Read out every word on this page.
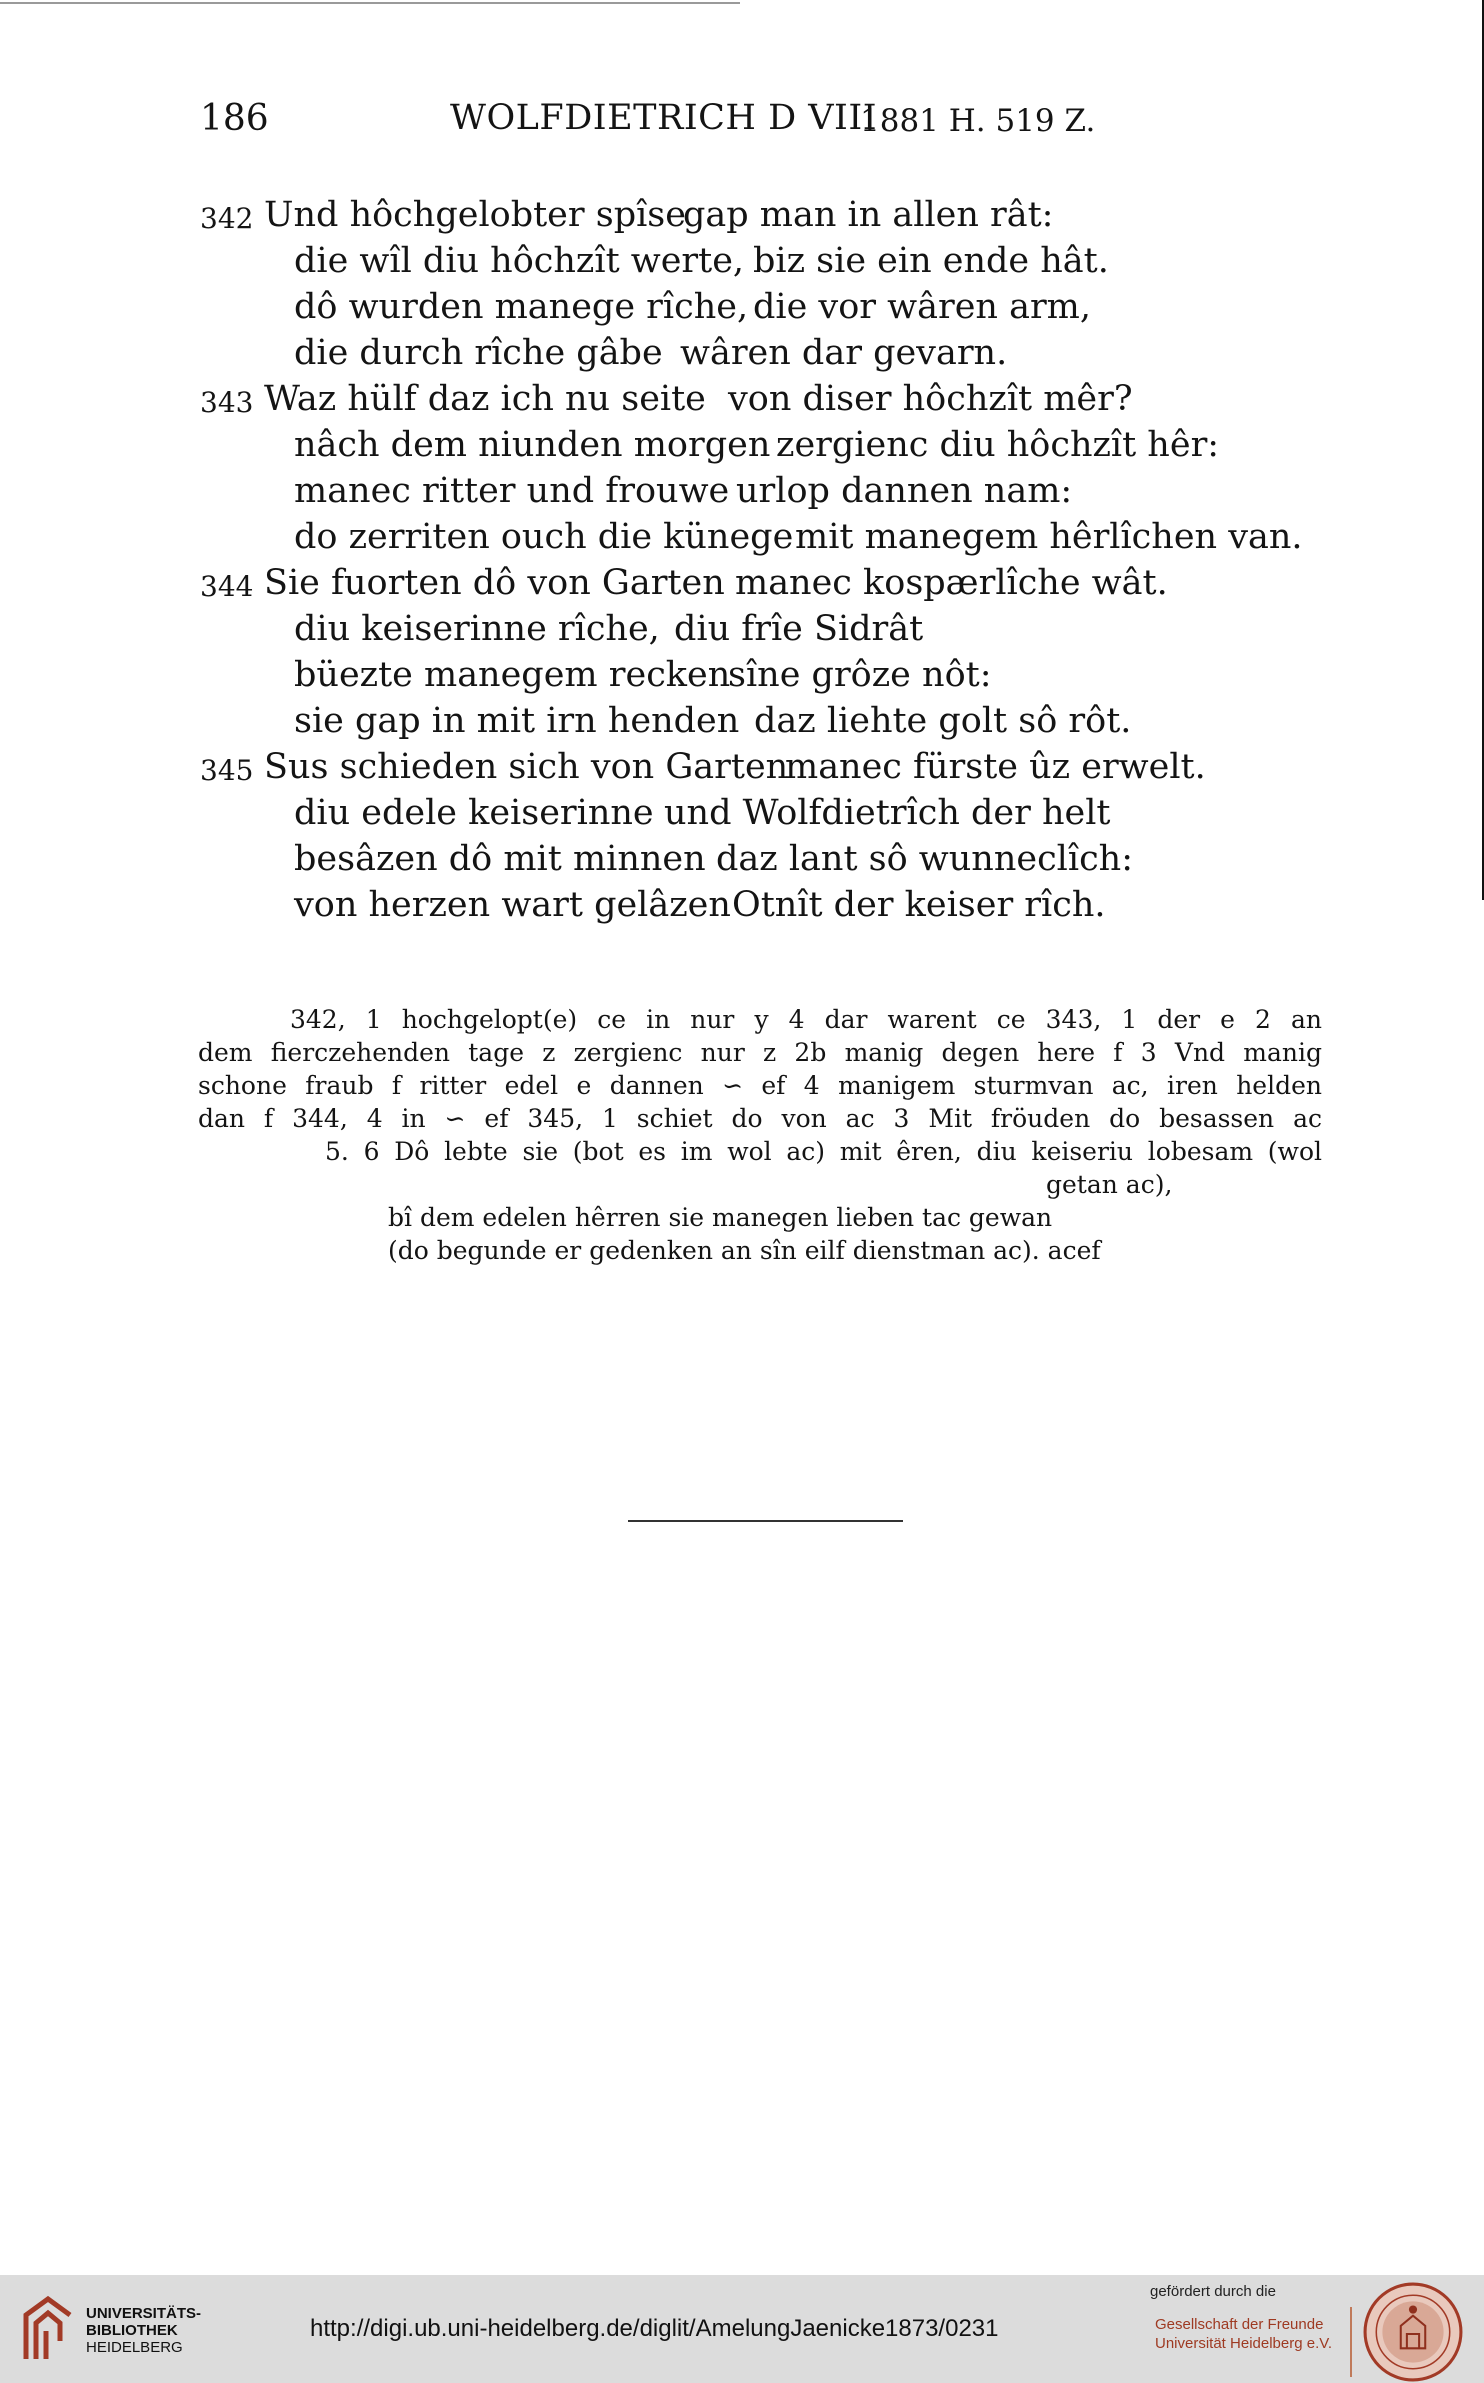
186	WOLFDIETRICH D VIII
1881 H. 519 Z.
342 Und hôchgelobter spîse
gap man in allen rât:
die wîl diu hôchzît werte, biz sie ein ende hât.
dô wurden manege rîche, die vor wâren arm,
die durch rîche gâbe wâren dar gevarn.
343 Waz hülf daz ich nu seite von diser hôchzît mêr?
nâch dem niunden morgen zergienc diu hôchzît hêr:
manec ritter und frouwe urlop dannen nam:
do zerriten ouch die künege mit manegem hêrlîchen van.
344 Sie fuorten dô von Garten manec kospærlîche wât.
diu keiserinne rîche, diu frîe Sidrât
büezte manegem recken
sîne grôze nôt:
sie gap in mit irn henden daz liehte golt sô rôt.
345 Sus schieden sich von Garten
manec fürste ûz erwelt.
diu edele keiserinne und Wolfdietrîch der helt
besâzen dô mit minnen daz lant sô wunneclîch:
von herzen wart gelâzen Otnît der keiser rîch.
342, 1 hochgelopt(e) ce in nur y 4 dar warent ce 343, 1 der e 2 an
dem fierczehenden tage z zergienc nur z 2b manig degen here f 3 Vnd manig
schone fraub f ritter edel e dannen ∽ ef 4 manigem sturmvan ac, iren helden
dan f 344, 4 in ∽ ef 345, 1 schiet do von ac 3 Mit fröuden do besassen ac
5. 6 Dô lebte sie (bot es im wol ac) mit êren, diu keiseriu lobesam (wol
getan ac),
bî dem edelen hêrren sie manegen lieben tac gewan
(do begunde er gedenken an sîn eilf dienstman ac). acef
UNIVERSITÄTS-
BIBLIOTHEK
HEIDELBERG
http://digi.ub.uni-heidelberg.de/diglit/AmelungJaenicke1873/0231
gefördert durch die
Gesellschaft der Freunde
Universität Heidelberg e.V.
